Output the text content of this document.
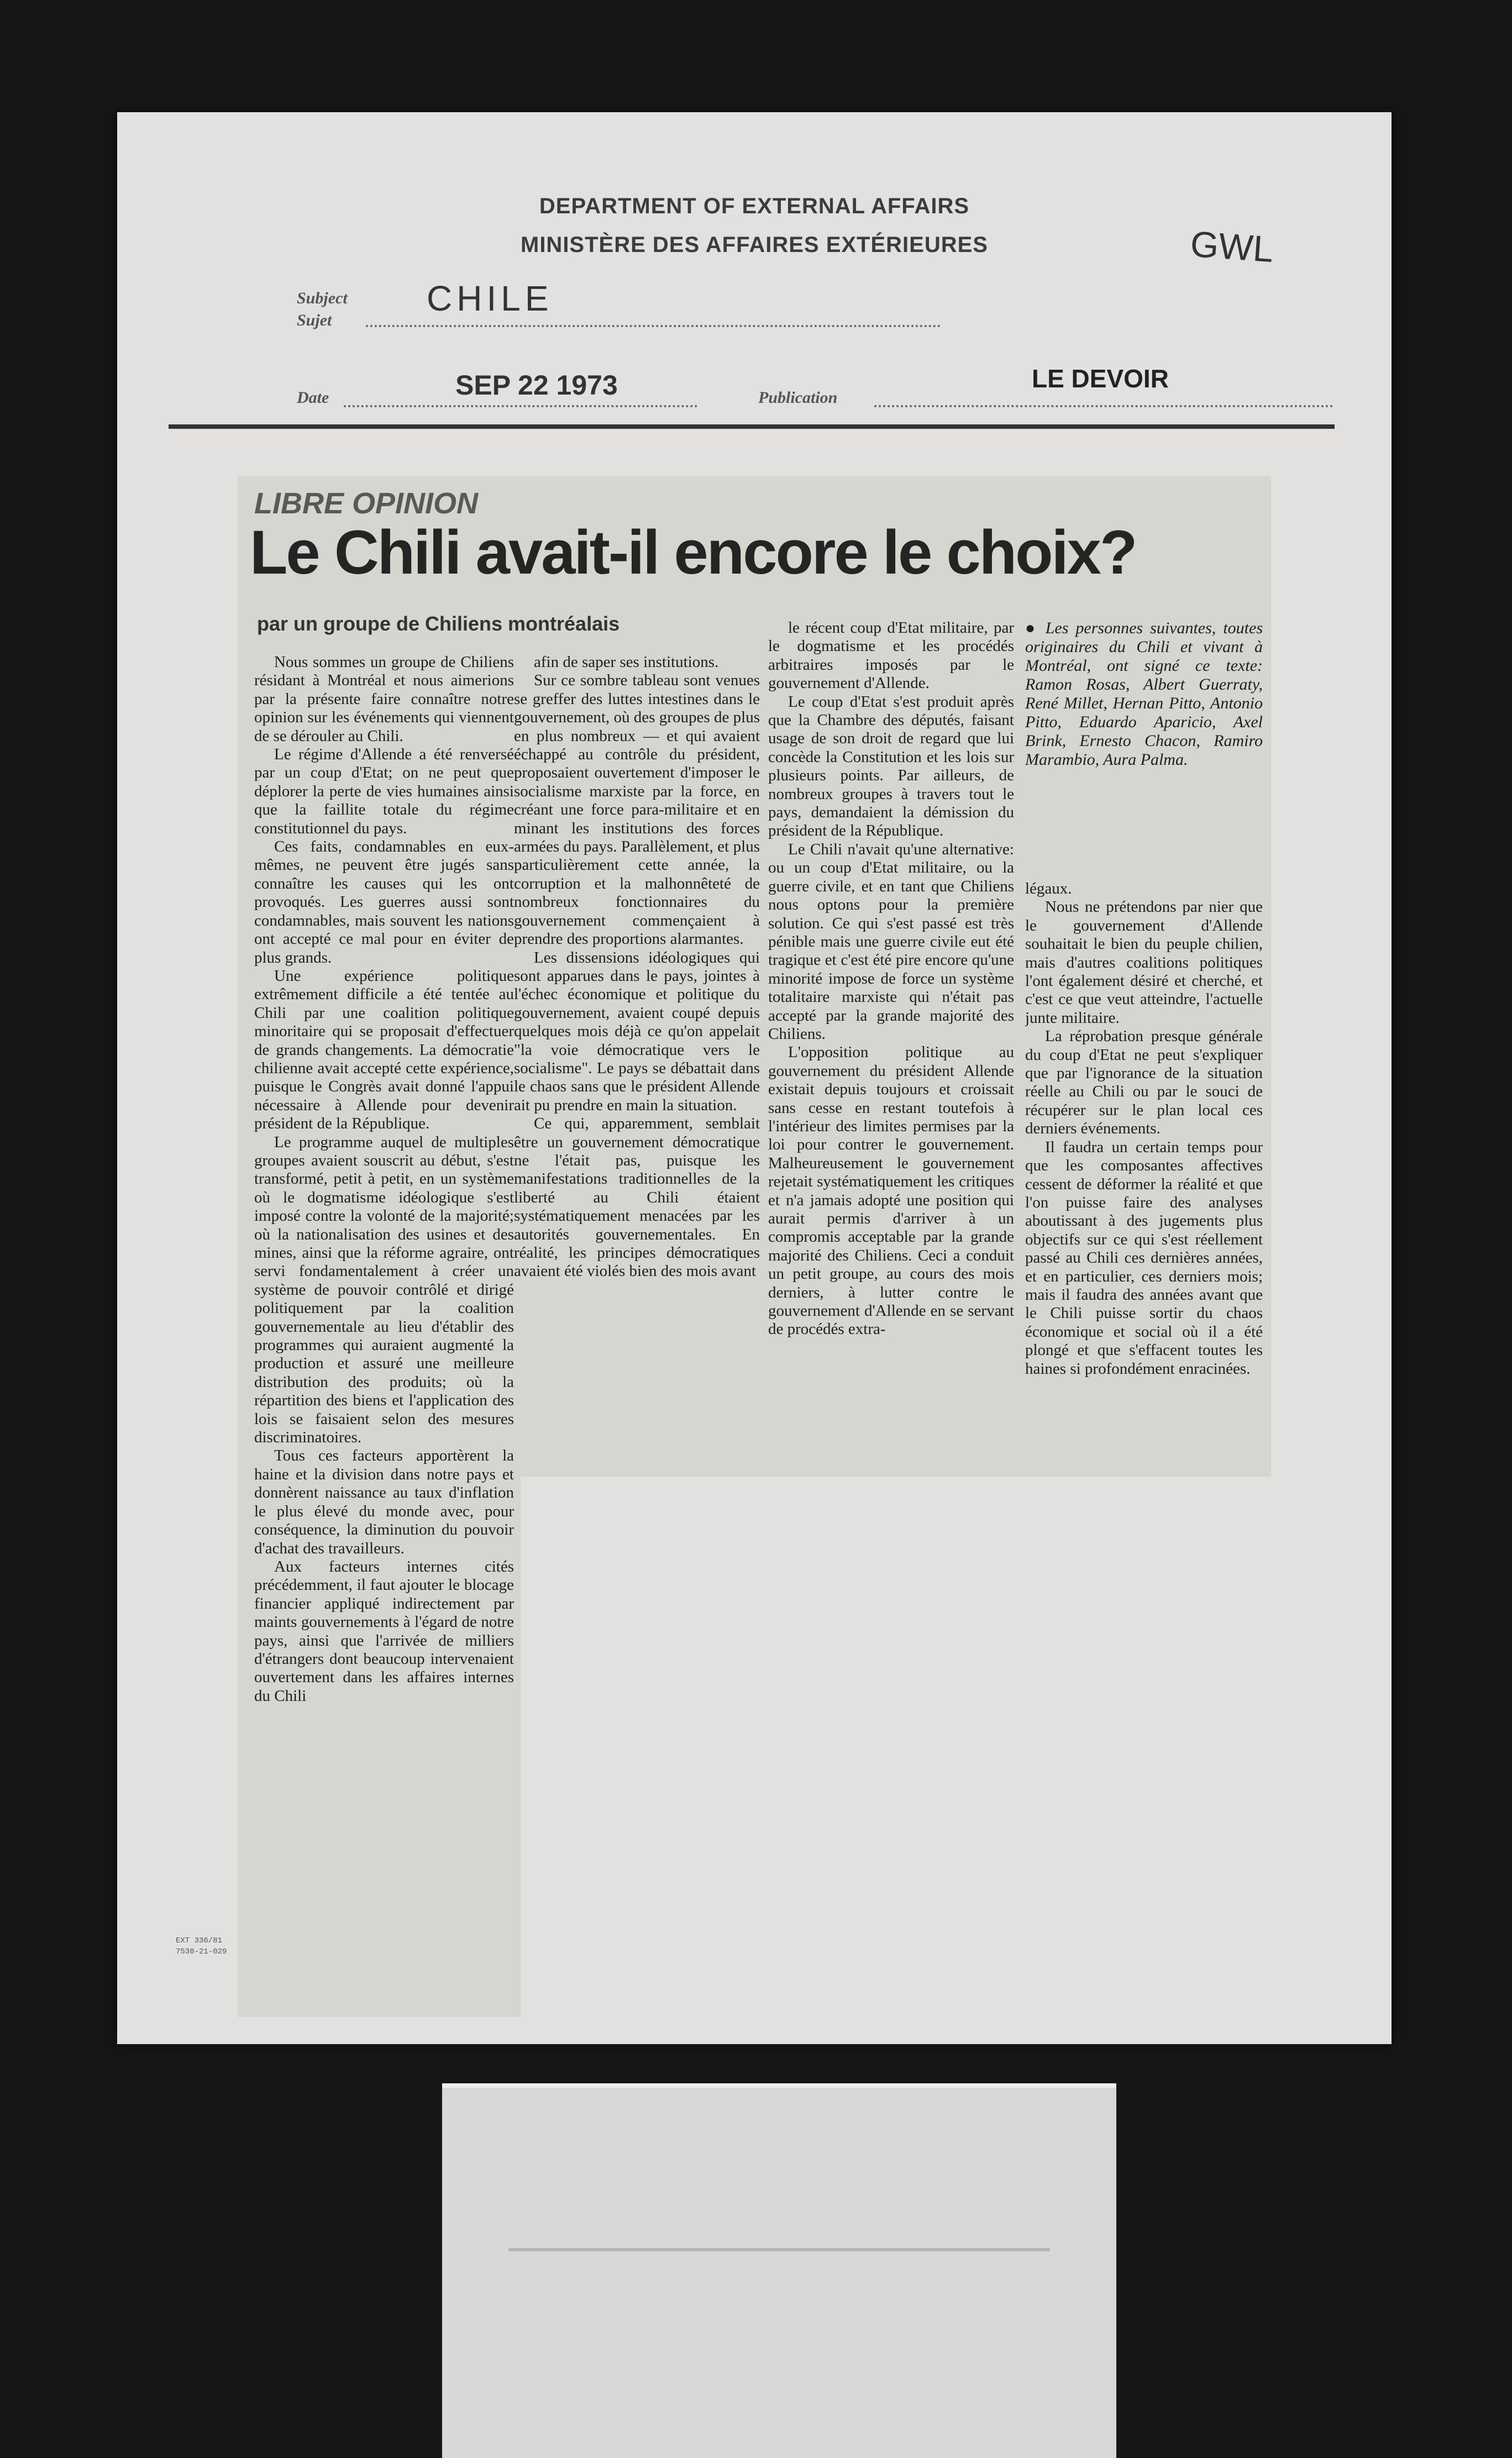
DEPARTMENT OF EXTERNAL AFFAIRS
MINISTÈRE DES AFFAIRES EXTÉRIEURES	GWL
Subject
Sujet
CHILE
Date	SEP 22 1973	Publication
LE DEVOIR
LIBRE OPINION
Le Chili avait-il encore le choix?
par un groupe de Chiliens montréalais

Nous sommes un groupe de Chiliens résidant à Montréal et nous aimerions par la présente faire connaître notre opinion sur les événements qui viennent de se dérouler au Chili.

Le régime d'Allende a été renversé par un coup d'Etat; on ne peut que déplorer la perte de vies humaines ainsi que la faillite totale du régime constitutionnel du pays.

Ces faits, condamnables en eux-mêmes, ne peuvent être jugés sans connaître les causes qui les ont provoqués. Les guerres aussi sont condamnables, mais souvent les nations ont accepté ce mal pour en éviter de plus grands.

Une expérience politique extrêmement difficile a été tentée au Chili par une coalition politique minoritaire qui se proposait d'effectuer de grands changements. La démocratie chilienne avait accepté cette expérience, puisque le Congrès avait donné l'appui nécessaire à Allende pour devenir président de la République.

Le programme auquel de multiples groupes avaient souscrit au début, s'est transformé, petit à petit, en un système où le dogmatisme idéologique s'est imposé contre la volonté de la majorité; où la nationalisation des usines et des mines, ainsi que la réforme agraire, ont servi fondamentalement à créer un système de pouvoir contrôlé et dirigé politiquement par la coalition gouvernementale au lieu d'établir des programmes qui auraient augmenté la production et assuré une meilleure distribution des produits; où la répartition des biens et l'application des lois se faisaient selon des mesures discriminatoires.

Tous ces facteurs apportèrent la haine et la division dans notre pays et donnèrent naissance au taux d'inflation le plus élevé du monde avec, pour conséquence, la diminution du pouvoir d'achat des travailleurs.

Aux facteurs internes cités précédemment, il faut ajouter le blocage financier appliqué indirectement par maints gouvernements à l'égard de notre pays, ainsi que l'arrivée de milliers d'étrangers dont beaucoup intervenaient ouvertement dans les affaires internes du Chili

afin de saper ses institutions.

Sur ce sombre tableau sont venues se greffer des luttes intestines dans le gouvernement, où des groupes de plus en plus nombreux — et qui avaient échappé au contrôle du président, proposaient ouvertement d'imposer le socialisme marxiste par la force, en créant une force para-militaire et en minant les institutions des forces armées du pays. Parallèlement, et plus particulièrement cette année, la corruption et la malhonnêteté de nombreux fonctionnaires du gouvernement commençaient à prendre des proportions alarmantes.

Les dissensions idéologiques qui sont apparues dans le pays, jointes à l'échec économique et politique du gouvernement, avaient coupé depuis quelques mois déjà ce qu'on appelait "la voie démocratique vers le socialisme". Le pays se débattait dans le chaos sans que le président Allende ait pu prendre en main la situation.

Ce qui, apparemment, semblait être un gouvernement démocratique ne l'était pas, puisque les manifestations traditionnelles de la liberté au Chili étaient systématiquement menacées par les autorités gouvernementales. En réalité, les principes démocratiques avaient été violés bien des mois avant

le récent coup d'Etat militaire, par le dogmatisme et les procédés arbitraires imposés par le gouvernement d'Allende.

Le coup d'Etat s'est produit après que la Chambre des députés, faisant usage de son droit de regard que lui concède la Constitution et les lois sur plusieurs points. Par ailleurs, de nombreux groupes à travers tout le pays, demandaient la démission du président de la République.

Le Chili n'avait qu'une alternative: ou un coup d'Etat militaire, ou la guerre civile, et en tant que Chiliens nous optons pour la première solution. Ce qui s'est passé est très pénible mais une guerre civile eut été tragique et c'est été pire encore qu'une minorité impose de force un système totalitaire marxiste qui n'était pas accepté par la grande majorité des Chiliens.

L'opposition politique au gouvernement du président Allende existait depuis toujours et croissait sans cesse en restant toutefois à l'intérieur des limites permises par la loi pour contrer le gouvernement. Malheureusement le gouvernement rejetait systématiquement les critiques et n'a jamais adopté une position qui aurait permis d'arriver à un compromis acceptable par la grande majorité des Chiliens. Ceci a conduit un petit groupe, au cours des mois derniers, à lutter contre le gouvernement d'Allende en se servant de procédés extra-

● Les personnes suivantes, toutes originaires du Chili et vivant à Montréal, ont signé ce texte: Ramon Rosas, Albert Guerraty, René Millet, Hernan Pitto, Antonio Pitto, Eduardo Aparicio, Axel Brink, Ernesto Chacon, Ramiro Marambio, Aura Palma.

légaux.

Nous ne prétendons par nier que le gouvernement d'Allende souhaitait le bien du peuple chilien, mais d'autres coalitions politiques l'ont également désiré et cherché, et c'est ce que veut atteindre, l'actuelle junte militaire.

La réprobation presque générale du coup d'Etat ne peut s'expliquer que par l'ignorance de la situation réelle au Chili ou par le souci de récupérer sur le plan local ces derniers événements.

Il faudra un certain temps pour que les composantes affectives cessent de déformer la réalité et que l'on puisse faire des analyses aboutissant à des jugements plus objectifs sur ce qui s'est réellement passé au Chili ces dernières années, et en particulier, ces derniers mois; mais il faudra des années avant que le Chili puisse sortir du chaos économique et social où il a été plongé et que s'effacent toutes les haines si profondément enracinées.

EXT 336/81
7530-21-029
